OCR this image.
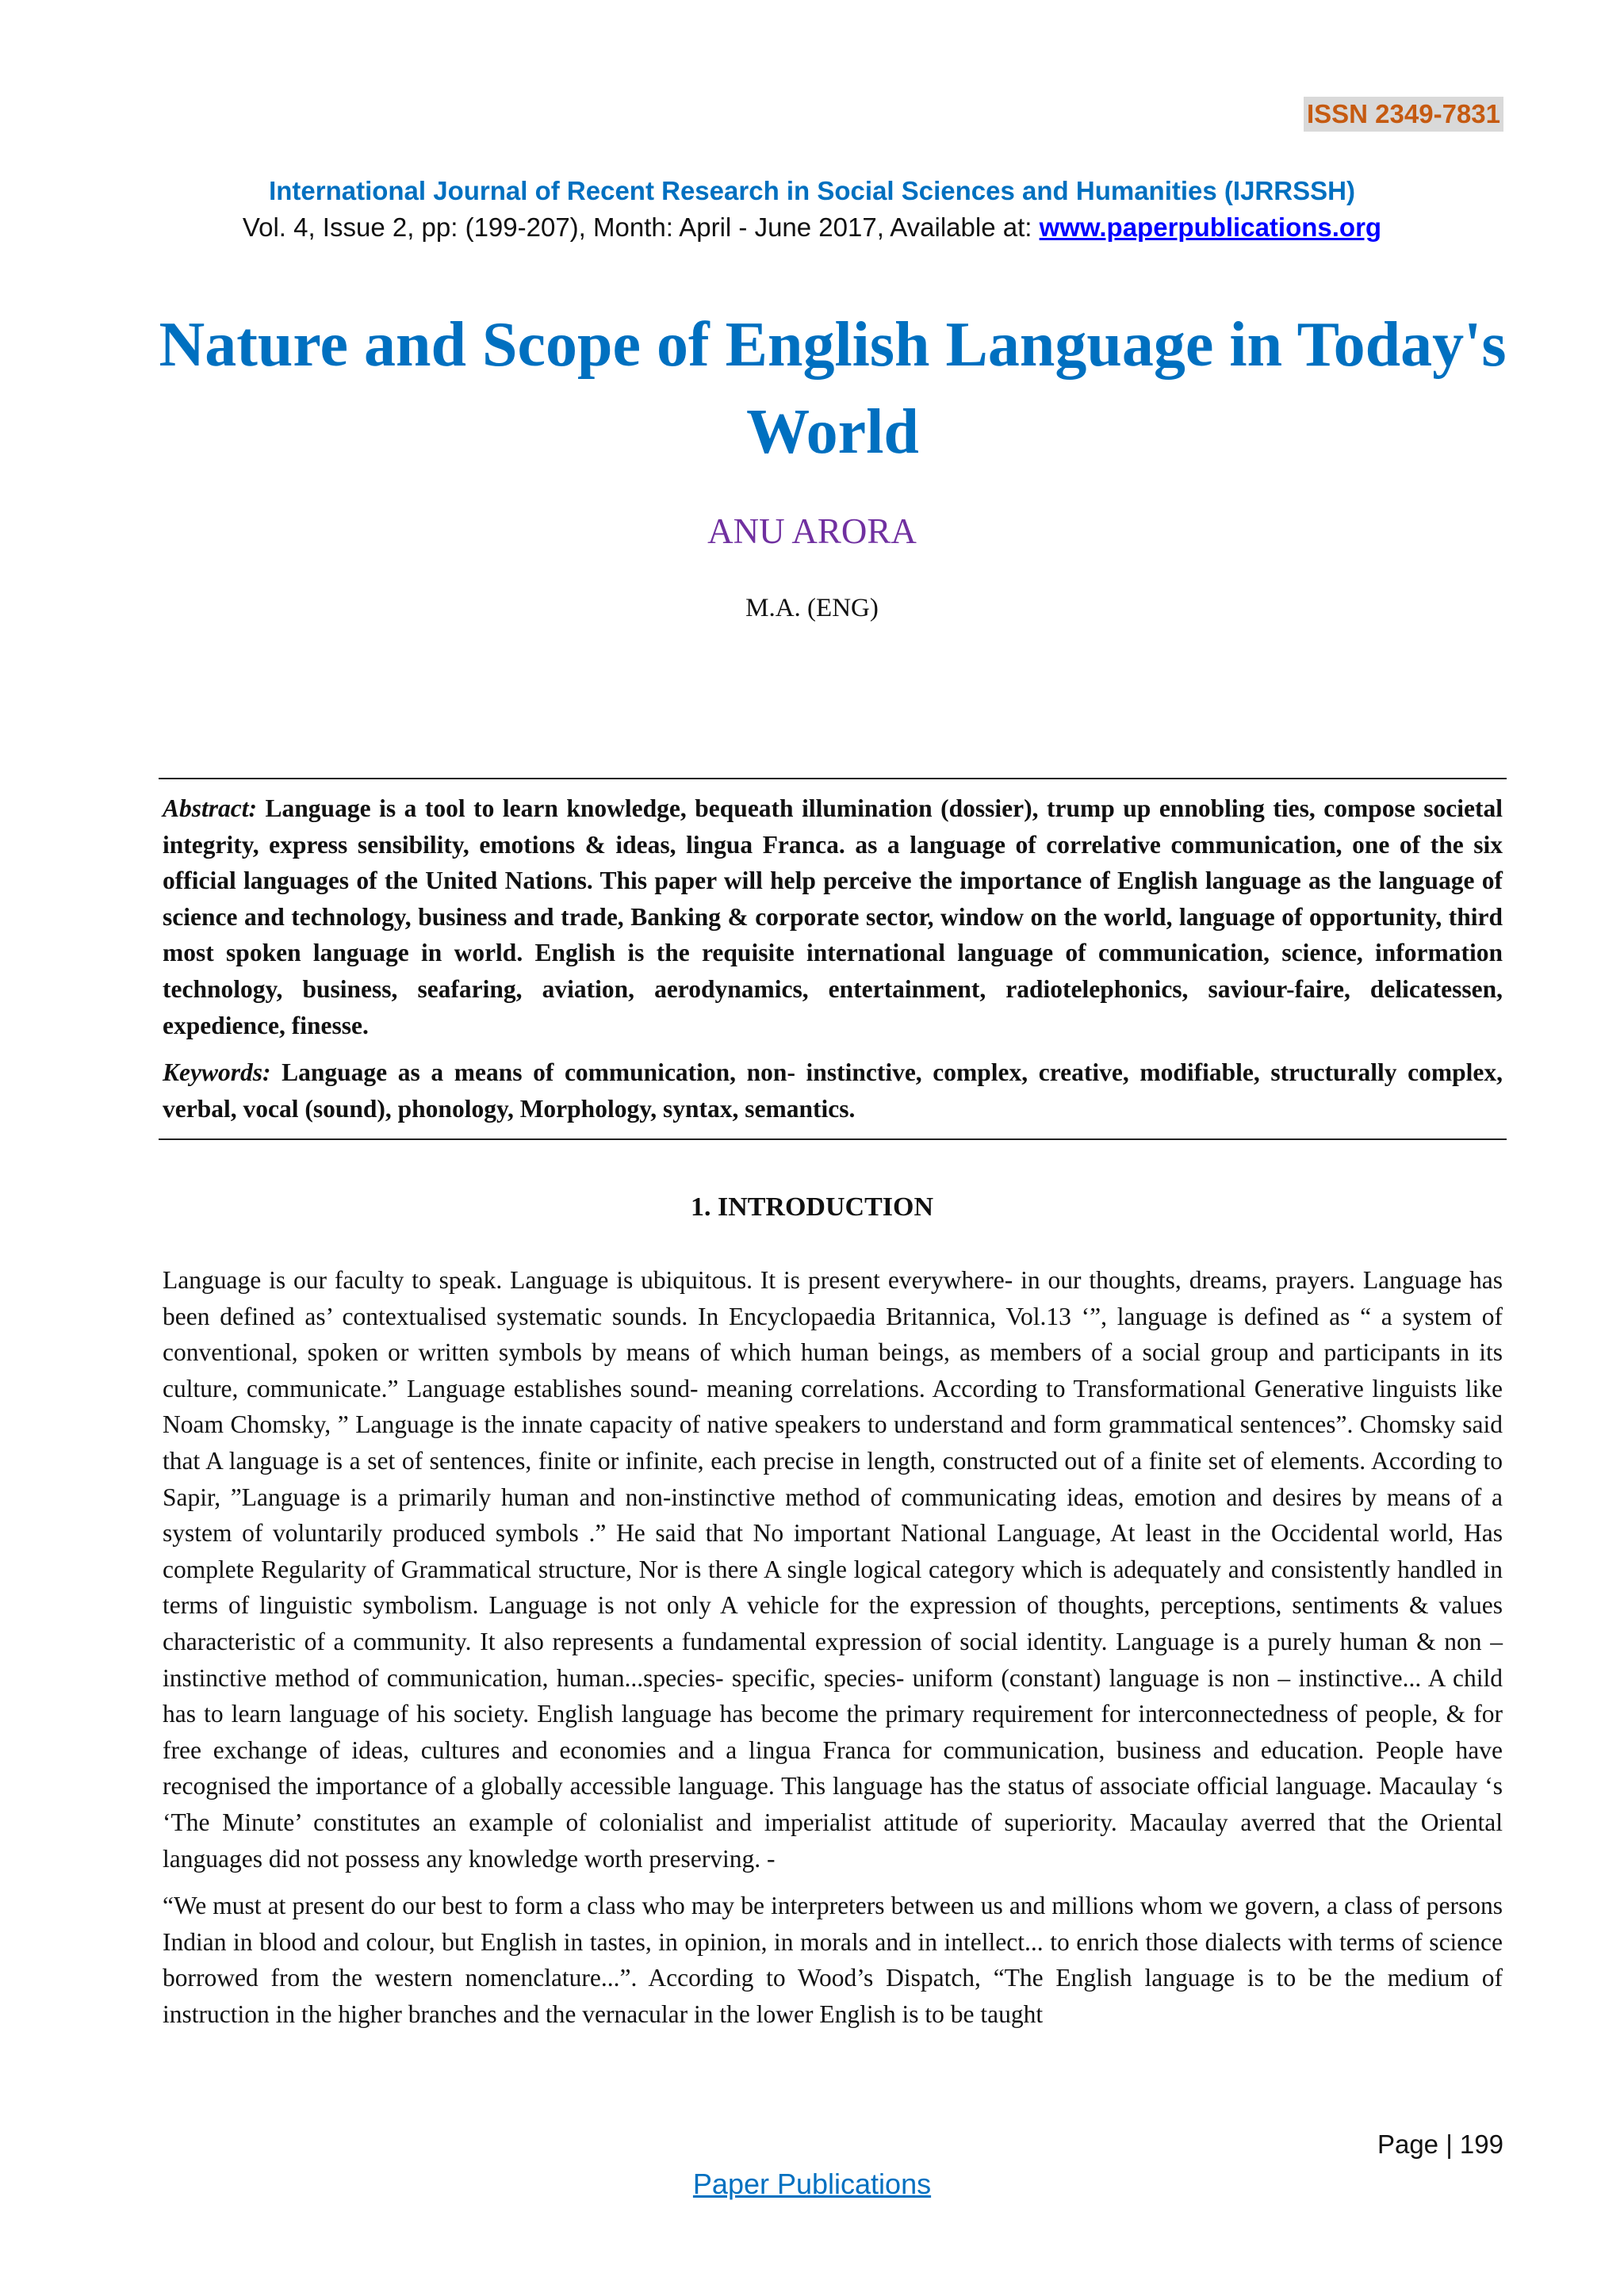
ISSN 2349-7831
International Journal of Recent Research in Social Sciences and Humanities (IJRRSSH)
Vol. 4, Issue 2, pp: (199-207), Month: April - June 2017, Available at: www.paperpublications.org
Nature and Scope of English Language in Today's World
ANU ARORA
M.A. (ENG)

Abstract: Language is a tool to learn knowledge, bequeath illumination (dossier), trump up ennobling ties, compose societal integrity, express sensibility, emotions & ideas, lingua Franca. as a language of correlative communication, one of the six official languages of the United Nations. This paper will help perceive the importance of English language as the language of science and technology, business and trade, Banking & corporate sector, window on the world, language of opportunity, third most spoken language in world. English is the requisite international language of communication, science, information technology, business, seafaring, aviation, aerodynamics, entertainment, radiotelephonics, saviour-faire, delicatessen, expedience, finesse.

Keywords: Language as a means of communication, non- instinctive, complex, creative, modifiable, structurally complex, verbal, vocal (sound), phonology, Morphology, syntax, semantics.

1. INTRODUCTION

Language is our faculty to speak. Language is ubiquitous. It is present everywhere- in our thoughts, dreams, prayers. Language has been defined as’ contextualised systematic sounds. In Encyclopaedia Britannica, Vol.13 ‘”, language is defined as “ a system of conventional, spoken or written symbols by means of which human beings, as members of a social group and participants in its culture, communicate.” Language establishes sound- meaning correlations. According to Transformational Generative linguists like Noam Chomsky, ” Language is the innate capacity of native speakers to understand and form grammatical sentences”. Chomsky said that A language is a set of sentences, finite or infinite, each precise in length, constructed out of a finite set of elements. According to Sapir, ”Language is a primarily human and non-instinctive method of communicating ideas, emotion and desires by means of a system of voluntarily produced symbols .” He said that No important National Language, At least in the Occidental world, Has complete Regularity of Grammatical structure, Nor is there A single logical category which is adequately and consistently handled in terms of linguistic symbolism. Language is not only A vehicle for the expression of thoughts, perceptions, sentiments & values characteristic of a community. It also represents a fundamental expression of social identity. Language is a purely human & non – instinctive method of communication, human...species- specific, species- uniform (constant) language is non – instinctive... A child has to learn language of his society. English language has become the primary requirement for interconnectedness of people, & for free exchange of ideas, cultures and economies and a lingua Franca for communication, business and education. People have recognised the importance of a globally accessible language. This language has the status of associate official language. Macaulay ‘s ‘The Minute’ constitutes an example of colonialist and imperialist attitude of superiority. Macaulay averred that the Oriental languages did not possess any knowledge worth preserving. -

“We must at present do our best to form a class who may be interpreters between us and millions whom we govern, a class of persons Indian in blood and colour, but English in tastes, in opinion, in morals and in intellect... to enrich those dialects with terms of science borrowed from the western nomenclature...”. According to Wood’s Dispatch, “The English language is to be the medium of instruction in the higher branches and the vernacular in the lower English is to be taught

Page | 199
Paper Publications
